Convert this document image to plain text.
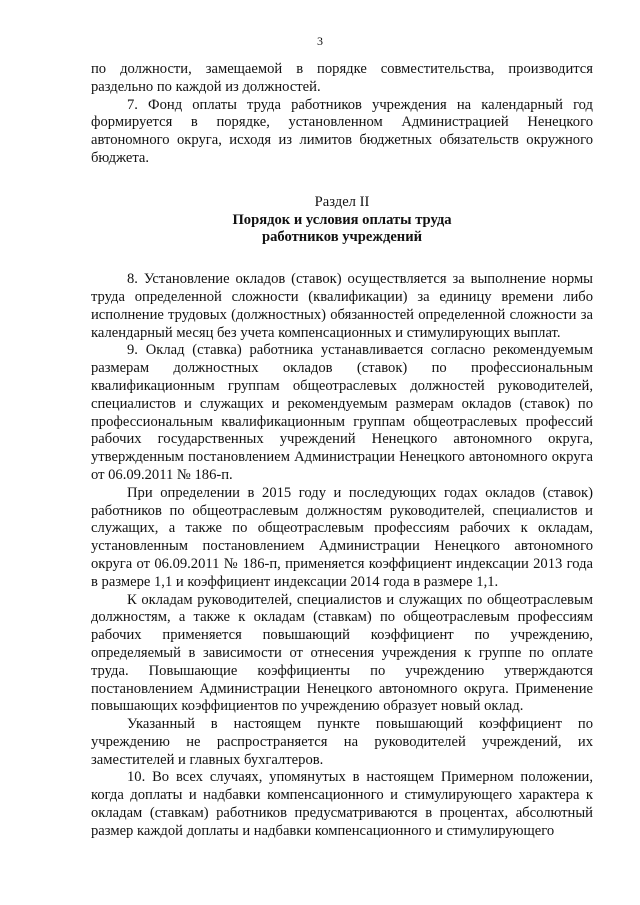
3

по должности, замещаемой в порядке совместительства, производится раздельно по каждой из должностей.

7. Фонд оплаты труда работников учреждения на календарный год формируется в порядке, установленном Администрацией Ненецкого автономного округа, исходя из лимитов бюджетных обязательств окружного бюджета.

Раздел II
Порядок и условия оплаты труда
работников учреждений

8. Установление окладов (ставок) осуществляется за выполнение нормы труда определенной сложности (квалификации) за единицу времени либо исполнение трудовых (должностных) обязанностей определенной сложности за календарный месяц без учета компенсационных и стимулирующих выплат.

9. Оклад (ставка) работника устанавливается согласно рекомендуемым размерам должностных окладов (ставок) по профессиональным квалификационным группам общеотраслевых должностей руководителей, специалистов и служащих и рекомендуемым размерам окладов (ставок) по профессиональным квалификационным группам общеотраслевых профессий рабочих государственных учреждений Ненецкого автономного округа, утвержденным постановлением Администрации Ненецкого автономного округа от 06.09.2011 № 186-п.

При определении в 2015 году и последующих годах окладов (ставок) работников по общеотраслевым должностям руководителей, специалистов и служащих, а также по общеотраслевым профессиям рабочих к окладам, установленным постановлением Администрации Ненецкого автономного округа от 06.09.2011 № 186-п, применяется коэффициент индексации 2013 года в размере 1,1 и коэффициент индексации 2014 года в размере 1,1.

К окладам руководителей, специалистов и служащих по общеотраслевым должностям, а также к окладам (ставкам) по общеотраслевым профессиям рабочих применяется повышающий коэффициент по учреждению, определяемый в зависимости от отнесения учреждения к группе по оплате труда. Повышающие коэффициенты по учреждению утверждаются постановлением Администрации Ненецкого автономного округа. Применение повышающих коэффициентов по учреждению образует новый оклад.

Указанный в настоящем пункте повышающий коэффициент по учреждению не распространяется на руководителей учреждений, их заместителей и главных бухгалтеров.

10. Во всех случаях, упомянутых в настоящем Примерном положении, когда доплаты и надбавки компенсационного и стимулирующего характера к окладам (ставкам) работников предусматриваются в процентах, абсолютный размер каждой доплаты и надбавки компенсационного и стимулирующего
